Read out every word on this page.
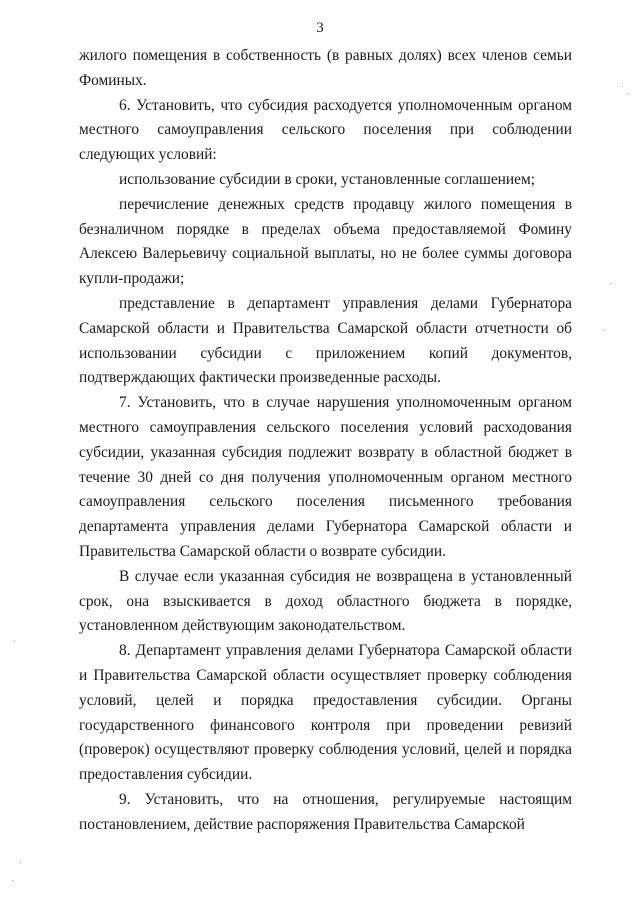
3

жилого помещения в собственность (в равных долях) всех членов семьи Фоминых.

6. Установить, что субсидия расходуется уполномоченным органом местного самоуправления сельского поселения при соблюдении следующих условий:

использование субсидии в сроки, установленные соглашением;

перечисление денежных средств продавцу жилого помещения в безналичном порядке в пределах объема предоставляемой Фомину Алексею Валерьевичу социальной выплаты, но не более суммы договора купли-продажи;

представление в департамент управления делами Губернатора Самарской области и Правительства Самарской области отчетности об использовании субсидии с приложением копий документов, подтверждающих фактически произведенные расходы.

7. Установить, что в случае нарушения уполномоченным органом местного самоуправления сельского поселения условий расходования субсидии, указанная субсидия подлежит возврату в областной бюджет в течение 30 дней со дня получения уполномоченным органом местного самоуправления сельского поселения письменного требования департамента управления делами Губернатора Самарской области и Правительства Самарской области о возврате субсидии.

В случае если указанная субсидия не возвращена в установленный срок, она взыскивается в доход областного бюджета в порядке, установленном действующим законодательством.

8. Департамент управления делами Губернатора Самарской области и Правительства Самарской области осуществляет проверку соблюдения условий, целей и порядка предоставления субсидии. Органы государственного финансового контроля при проведении ревизий (проверок) осуществляют проверку соблюдения условий, целей и порядка предоставления субсидии.

9. Установить, что на отношения, регулируемые настоящим постановлением, действие распоряжения Правительства Самарской
